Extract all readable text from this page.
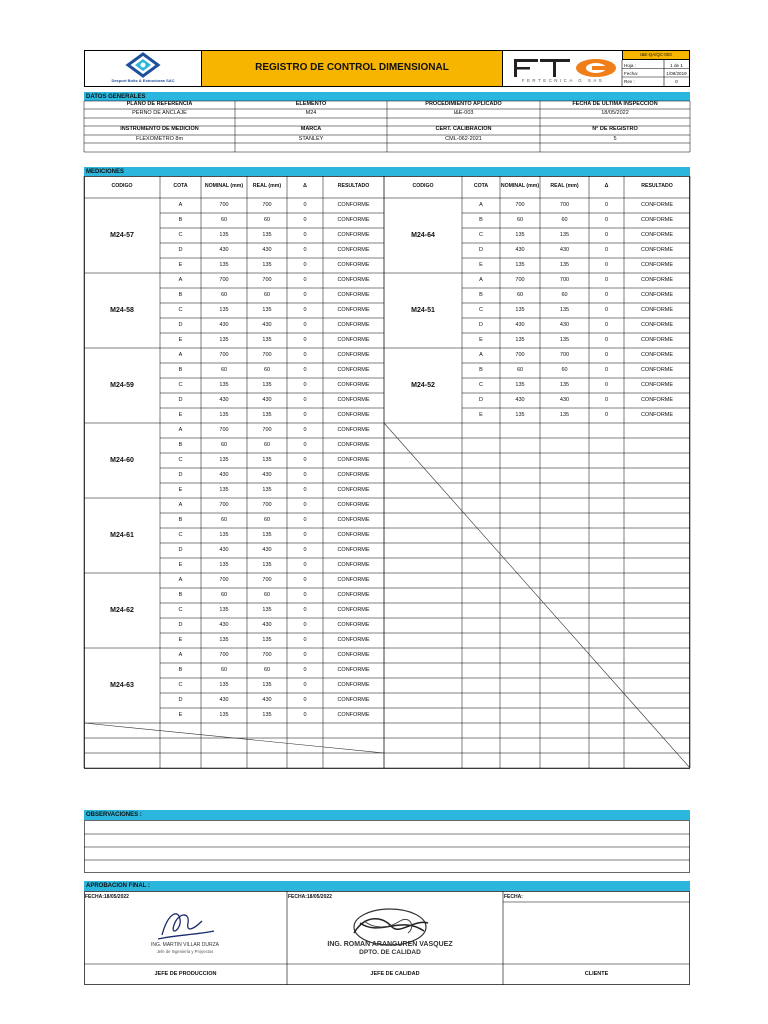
Desport Bolts & Estructuras SAC
REGISTRO DE CONTROL DIMENSIONAL
FERTECNICA G SAS
I&E-QA/QC-003
Hoja :	1 de 1
Fecha:	1/08/2019
Rev :	0
DATOS GENERALES
PLANO DE REFERENCIA	ELEMENTO	PROCEDIMIENTO APLICADO	FECHA DE ULTIMA INSPECCION
PERNO DE ANCLAJE	M24	I&E-003	18/05/2022
INSTRUMENTO DE MEDICION	MARCA	CERT. CALIBRACION	N° DE REGISTRO
FLEXOMETRO 8m	STANLEY	CML-062-2021	5
MEDICIONES
CODIGO	COTA	NOMINAL (mm)	REAL (mm)	Δ	RESULTADO	CODIGO	COTA	NOMINAL (mm)	REAL (mm)	Δ	RESULTADO
M24-57
A	700	700	0	CONFORME
B	60	60	0	CONFORME
C	135	135	0	CONFORME
D	430	430	0	CONFORME
E	135	135	0	CONFORME
M24-58
A	700	700	0	CONFORME
B	60	60	0	CONFORME
C	135	135	0	CONFORME
D	430	430	0	CONFORME
E	135	135	0	CONFORME
M24-59
A	700	700	0	CONFORME
B	60	60	0	CONFORME
C	135	135	0	CONFORME
D	430	430	0	CONFORME
E	135	135	0	CONFORME
M24-60
A	700	700	0	CONFORME
B	60	60	0	CONFORME
C	135	135	0	CONFORME
D	430	430	0	CONFORME
E	135	135	0	CONFORME
M24-61
A	700	700	0	CONFORME
B	60	60	0	CONFORME
C	135	135	0	CONFORME
D	430	430	0	CONFORME
E	135	135	0	CONFORME
M24-62
A	700	700	0	CONFORME
B	60	60	0	CONFORME
C	135	135	0	CONFORME
D	430	430	0	CONFORME
E	135	135	0	CONFORME
M24-63
A	700	700	0	CONFORME
B	60	60	0	CONFORME
C	135	135	0	CONFORME
D	430	430	0	CONFORME
E	135	135	0	CONFORME
M24-64
A	700	700	0	CONFORME
B	60	60	0	CONFORME
C	135	135	0	CONFORME
D	430	430	0	CONFORME
E	135	135	0	CONFORME
M24-51
A	700	700	0	CONFORME
B	60	60	0	CONFORME
C	135	135	0	CONFORME
D	430	430	0	CONFORME
E	135	135	0	CONFORME
M24-52
A	700	700	0	CONFORME
B	60	60	0	CONFORME
C	135	135	0	CONFORME
D	430	430	0	CONFORME
E	135	135	0	CONFORME
OBSERVACIONES :
APROBACION FINAL :
FECHA:18/05/2022	FECHA:18/05/2022	FECHA:
ING. MARTIN VILLAR DURZA
Jefe de Ingeniería y Proyectos
ING. ROMAN ARANGUREN VASQUEZ
DPTO. DE CALIDAD
JEFE DE PRODUCCION	JEFE DE CALIDAD	CLIENTE
